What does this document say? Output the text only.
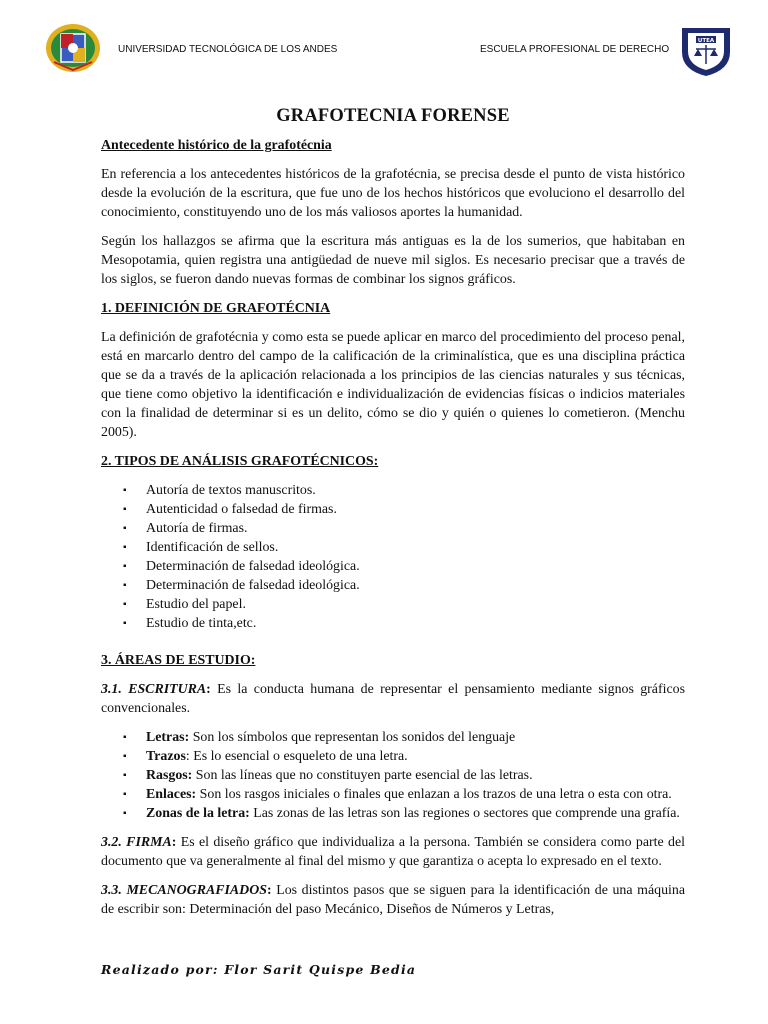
UNIVERSIDAD TECNOLÓGICA DE LOS ANDES	ESCUELA PROFESIONAL DE DERECHO
UTEA
GRAFOTECNIA FORENSE
Antecedente histórico de la grafotécnia

En referencia a los antecedentes históricos de la grafotécnia, se precisa desde el punto de vista histórico desde la evolución de la escritura, que fue uno de los hechos históricos que evoluciono el desarrollo del conocimiento, constituyendo uno de los más valiosos aportes la humanidad.

Según los hallazgos se afirma que la escritura más antiguas es la de los sumerios, que habitaban en Mesopotamia, quien registra una antigüedad de nueve mil siglos. Es necesario precisar que a través de los siglos, se fueron dando nuevas formas de combinar los signos gráficos.

1. DEFINICIÓN DE GRAFOTÉCNIA

La definición de grafotécnia y como esta se puede aplicar en marco del procedimiento del proceso penal, está en marcarlo dentro del campo de la calificación de la criminalística, que es una disciplina práctica que se da a través de la aplicación relacionada a los principios de las ciencias naturales y sus técnicas, que tiene como objetivo la identificación e individualización de evidencias físicas o indicios materiales con la finalidad de determinar si es un delito, cómo se dio y quién o quienes lo cometieron. (Menchu 2005).

2. TIPOS DE ANÁLISIS GRAFOTÉCNICOS:
▪ Autoría de textos manuscritos.
▪ Autenticidad o falsedad de firmas.
▪ Autoría de firmas.
▪ Identificación de sellos.
▪ Determinación de falsedad ideológica.
▪ Determinación de falsedad ideológica.
▪ Estudio del papel.
▪ Estudio de tinta,etc.
3. ÁREAS DE ESTUDIO:

3.1. ESCRITURA: Es la conducta humana de representar el pensamiento mediante signos gráficos convencionales.

▪ Letras: Son los símbolos que representan los sonidos del lenguaje
▪ Trazos: Es lo esencial o esqueleto de una letra.
▪ Rasgos: Son las líneas que no constituyen parte esencial de las letras.
▪ Enlaces: Son los rasgos iniciales o finales que enlazan a los trazos de una letra o esta con otra.
▪ Zonas de la letra: Las zonas de las letras son las regiones o sectores que comprende una grafía.

3.2. FIRMA: Es el diseño gráfico que individualiza a la persona. También se considera como parte del documento que va generalmente al final del mismo y que garantiza o acepta lo expresado en el texto.

3.3. MECANOGRAFIADOS: Los distintos pasos que se siguen para la identificación de una máquina de escribir son: Determinación del paso Mecánico, Diseños de Números y Letras,

Realizado por: Flor Sarit Quispe Bedia
